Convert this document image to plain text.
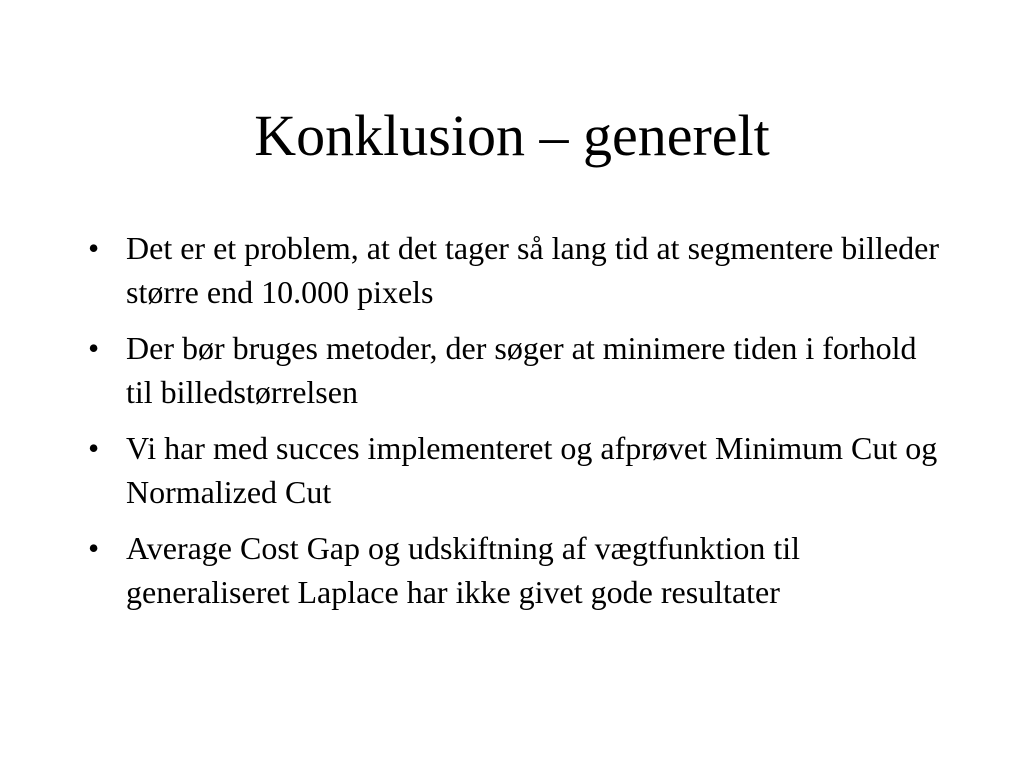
Konklusion – generelt
• Det er et problem, at det tager så lang tid at segmentere billeder større end 10.000 pixels
• Der bør bruges metoder, der søger at minimere tiden i forhold til billedstørrelsen
• Vi har med succes implementeret og afprøvet Minimum Cut og Normalized Cut
• Average Cost Gap og udskiftning af vægtfunktion til generaliseret Laplace har ikke givet gode resultater
